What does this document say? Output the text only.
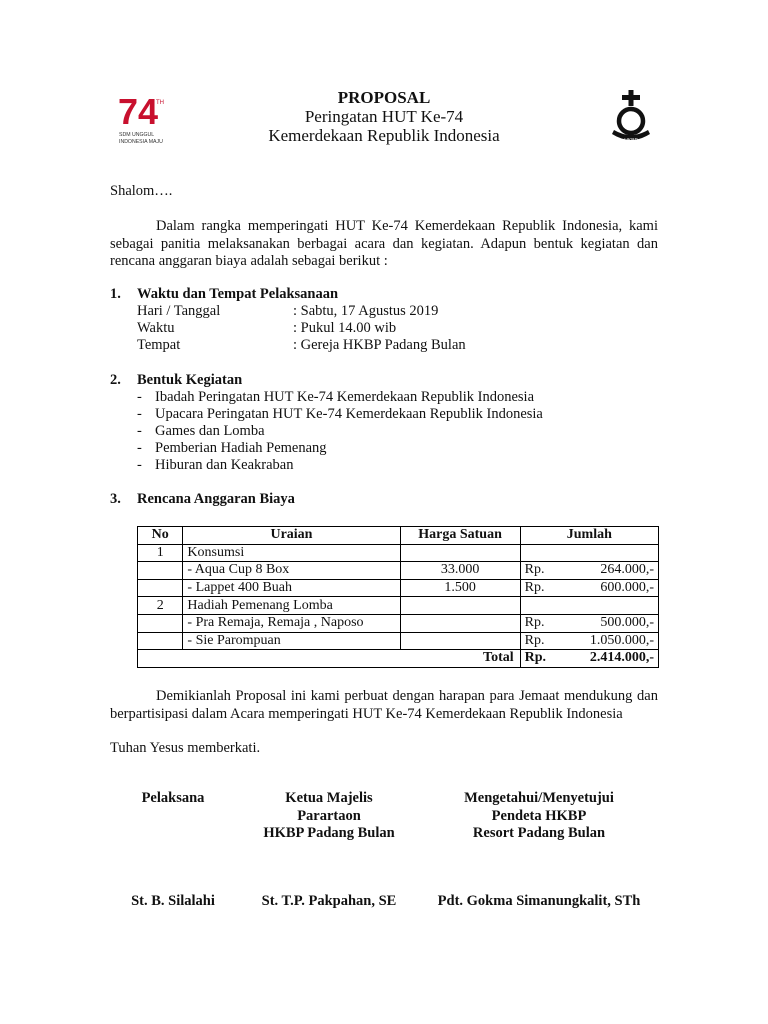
74
TH
SDM UNGGUL
INDONESIA MAJU	HKBP
PROPOSAL
Peringatan HUT Ke-74
Kemerdekaan Republik Indonesia
Shalom….
Dalam rangka memperingati HUT Ke-74 Kemerdekaan Republik Indonesia, kami sebagai panitia melaksanakan berbagai acara dan kegiatan. Adapun bentuk kegiatan dan rencana anggaran biaya adalah sebagai berikut :
1. Waktu dan Tempat Pelaksanaan
Hari / Tanggal	: Sabtu, 17 Agustus 2019
Waktu	: Pukul 14.00 wib
Tempat	: Gereja HKBP Padang Bulan
2. Bentuk Kegiatan
- Ibadah Peringatan HUT Ke-74 Kemerdekaan Republik Indonesia
- Upacara Peringatan HUT Ke-74 Kemerdekaan Republik Indonesia
- Games dan Lomba
- Pemberian Hadiah Pemenang
- Hiburan dan Keakraban
3. Rencana Anggaran Biaya
No	Uraian	Harga Satuan	Jumlah
1	Konsumsi		

	- Aqua Cup 8 Box	33.000	Rp. 264.000,-

	- Lappet 400 Buah	1.500	Rp. 600.000,-

2	Hadiah Pemenang Lomba		

	- Pra Remaja, Remaja , Naposo		Rp. 500.000,-

	- Sie Parompuan		Rp. 1.050.000,-

Total			Rp. 2.414.000,-
Demikianlah Proposal ini kami perbuat dengan harapan para Jemaat mendukung dan berpartisipasi dalam Acara memperingati HUT Ke-74 Kemerdekaan Republik Indonesia
Tuhan Yesus memberkati.
Pelaksana	Ketua Majelis
Parartaon
HKBP Padang Bulan
Mengetahui/Menyetujui
Pendeta HKBP
Resort Padang Bulan
St. B. Silalahi	St. T.P. Pakpahan, SE	Pdt. Gokma Simanungkalit, STh
